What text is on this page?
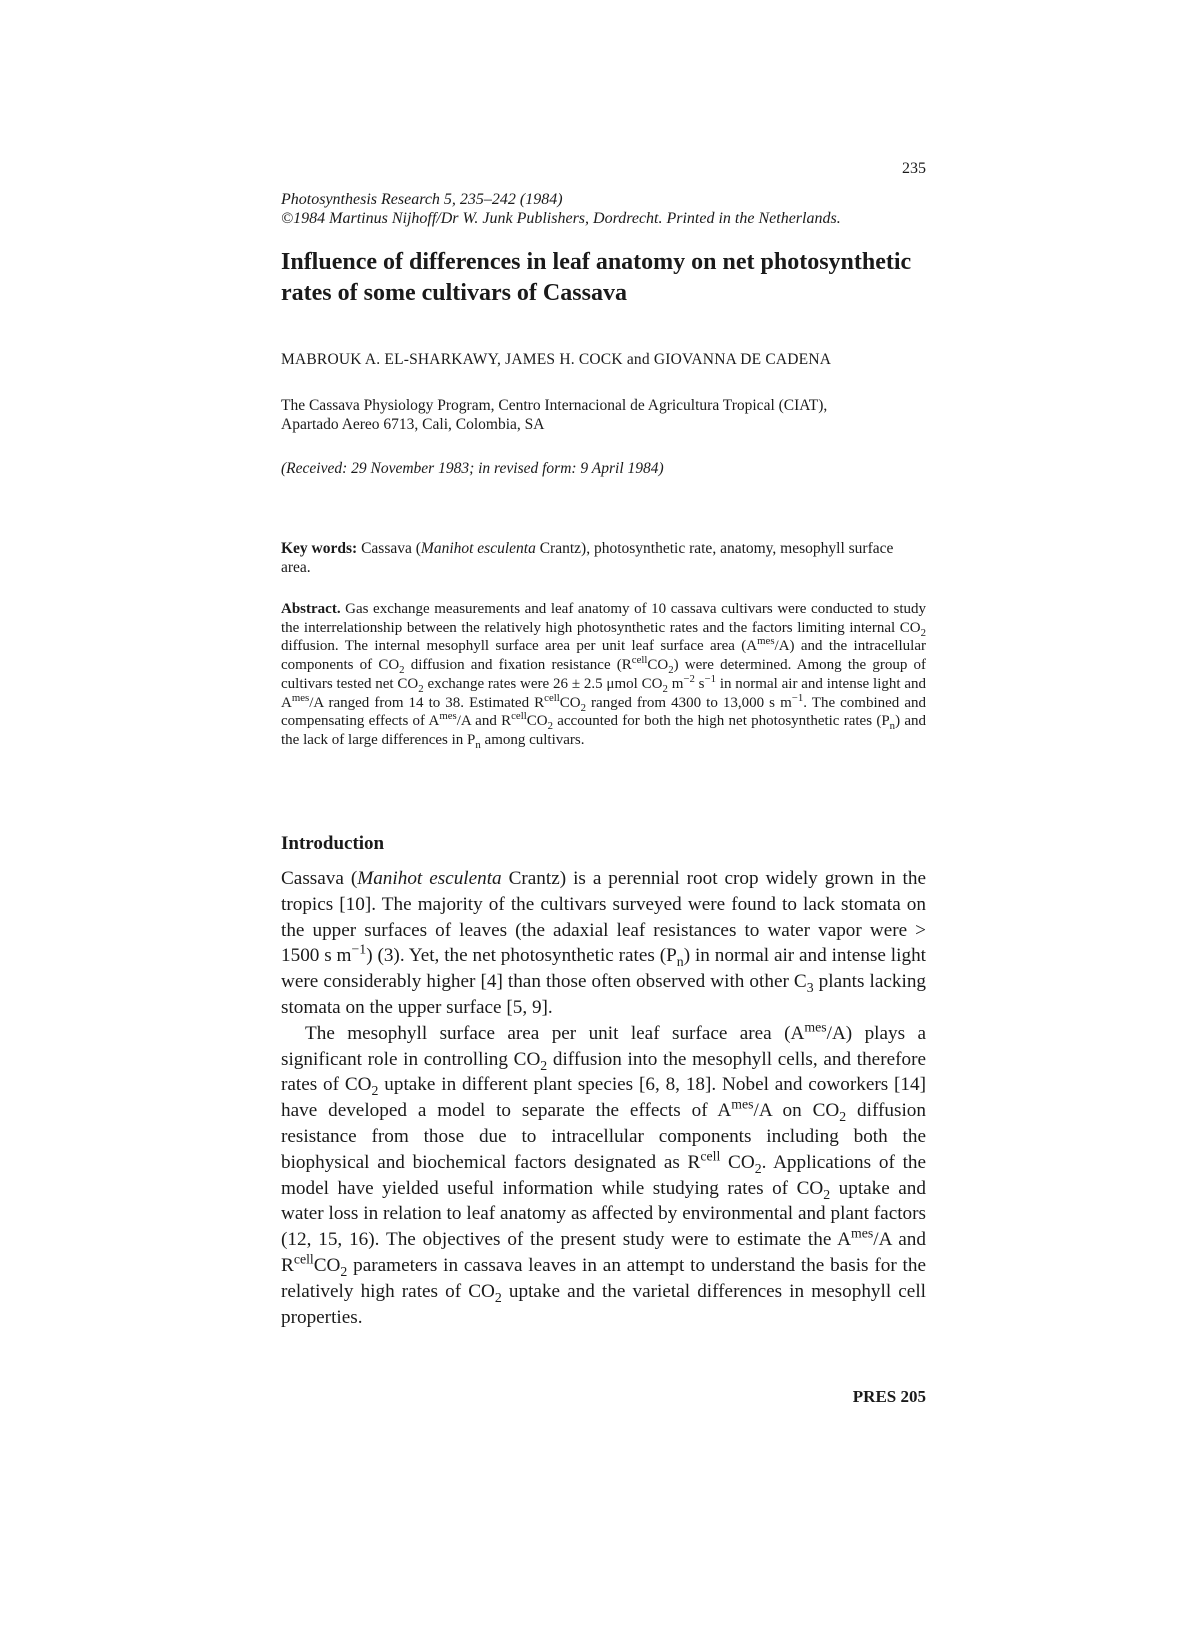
235
Photosynthesis Research 5, 235–242 (1984)
©1984 Martinus Nijhoff/Dr W. Junk Publishers, Dordrecht. Printed in the Netherlands.
Influence of differences in leaf anatomy on net photosynthetic rates of some cultivars of Cassava
MABROUK A. EL-SHARKAWY, JAMES H. COCK and GIOVANNA DE CADENA
The Cassava Physiology Program, Centro Internacional de Agricultura Tropical (CIAT),
Apartado Aereo 6713, Cali, Colombia, SA
(Received: 29 November 1983; in revised form: 9 April 1984)
Key words: Cassava (Manihot esculenta Crantz), photosynthetic rate, anatomy, mesophyll surface area.
Abstract. Gas exchange measurements and leaf anatomy of 10 cassava cultivars were conducted to study the interrelationship between the relatively high photosynthetic rates and the factors limiting internal $CO_2$ diffusion. The internal mesophyll surface area per unit leaf surface area $(A^{mes}/A)$ and the intracellular components of $CO_2$ diffusion and fixation resistance $(R^{cell}CO_2)$ were determined. Among the group of cultivars tested net $CO_2$ exchange rates were 26 ± 2.5 μmol $CO_2$ $m^{-2}$ $s^{-1}$ in normal air and intense light and $A^{mes}/A$ ranged from 14 to 38. Estimated $R^{cell}CO_2$ ranged from 4300 to 13,000 s $m^{-1}$. The combined and compensating effects of $A^{mes}/A$ and $R^{cell}CO_2$ accounted for both the high net photosynthetic rates $(P_n)$ and the lack of large differences in $P_n$ among cultivars.
Introduction

Cassava (Manihot esculenta Crantz) is a perennial root crop widely grown in the tropics [10]. The majority of the cultivars surveyed were found to lack stomata on the upper surfaces of leaves (the adaxial leaf resistances to water vapor were > 1500 s $m^{-1}$) (3). Yet, the net photosynthetic rates $(P_n)$ in normal air and intense light were considerably higher [4] than those often observed with other $C_3$ plants lacking stomata on the upper surface [5, 9].

The mesophyll surface area per unit leaf surface area $(A^{mes}/A)$ plays a significant role in controlling $CO_2$ diffusion into the mesophyll cells, and therefore rates of $CO_2$ uptake in different plant species [6, 8, 18]. Nobel and coworkers [14] have developed a model to separate the effects of $A^{mes}/A$ on $CO_2$ diffusion resistance from those due to intracellular components including both the biophysical and biochemical factors designated as $R^{cell}$ $CO_2$. Applications of the model have yielded useful information while studying rates of $CO_2$ uptake and water loss in relation to leaf anatomy as affected by environmental and plant factors (12, 15, 16). The objectives of the present study were to estimate the $A^{mes}/A$ and $R^{cell}CO_2$ parameters in cassava leaves in an attempt to understand the basis for the relatively high rates of $CO_2$ uptake and the varietal differences in mesophyll cell properties.

PRES 205
